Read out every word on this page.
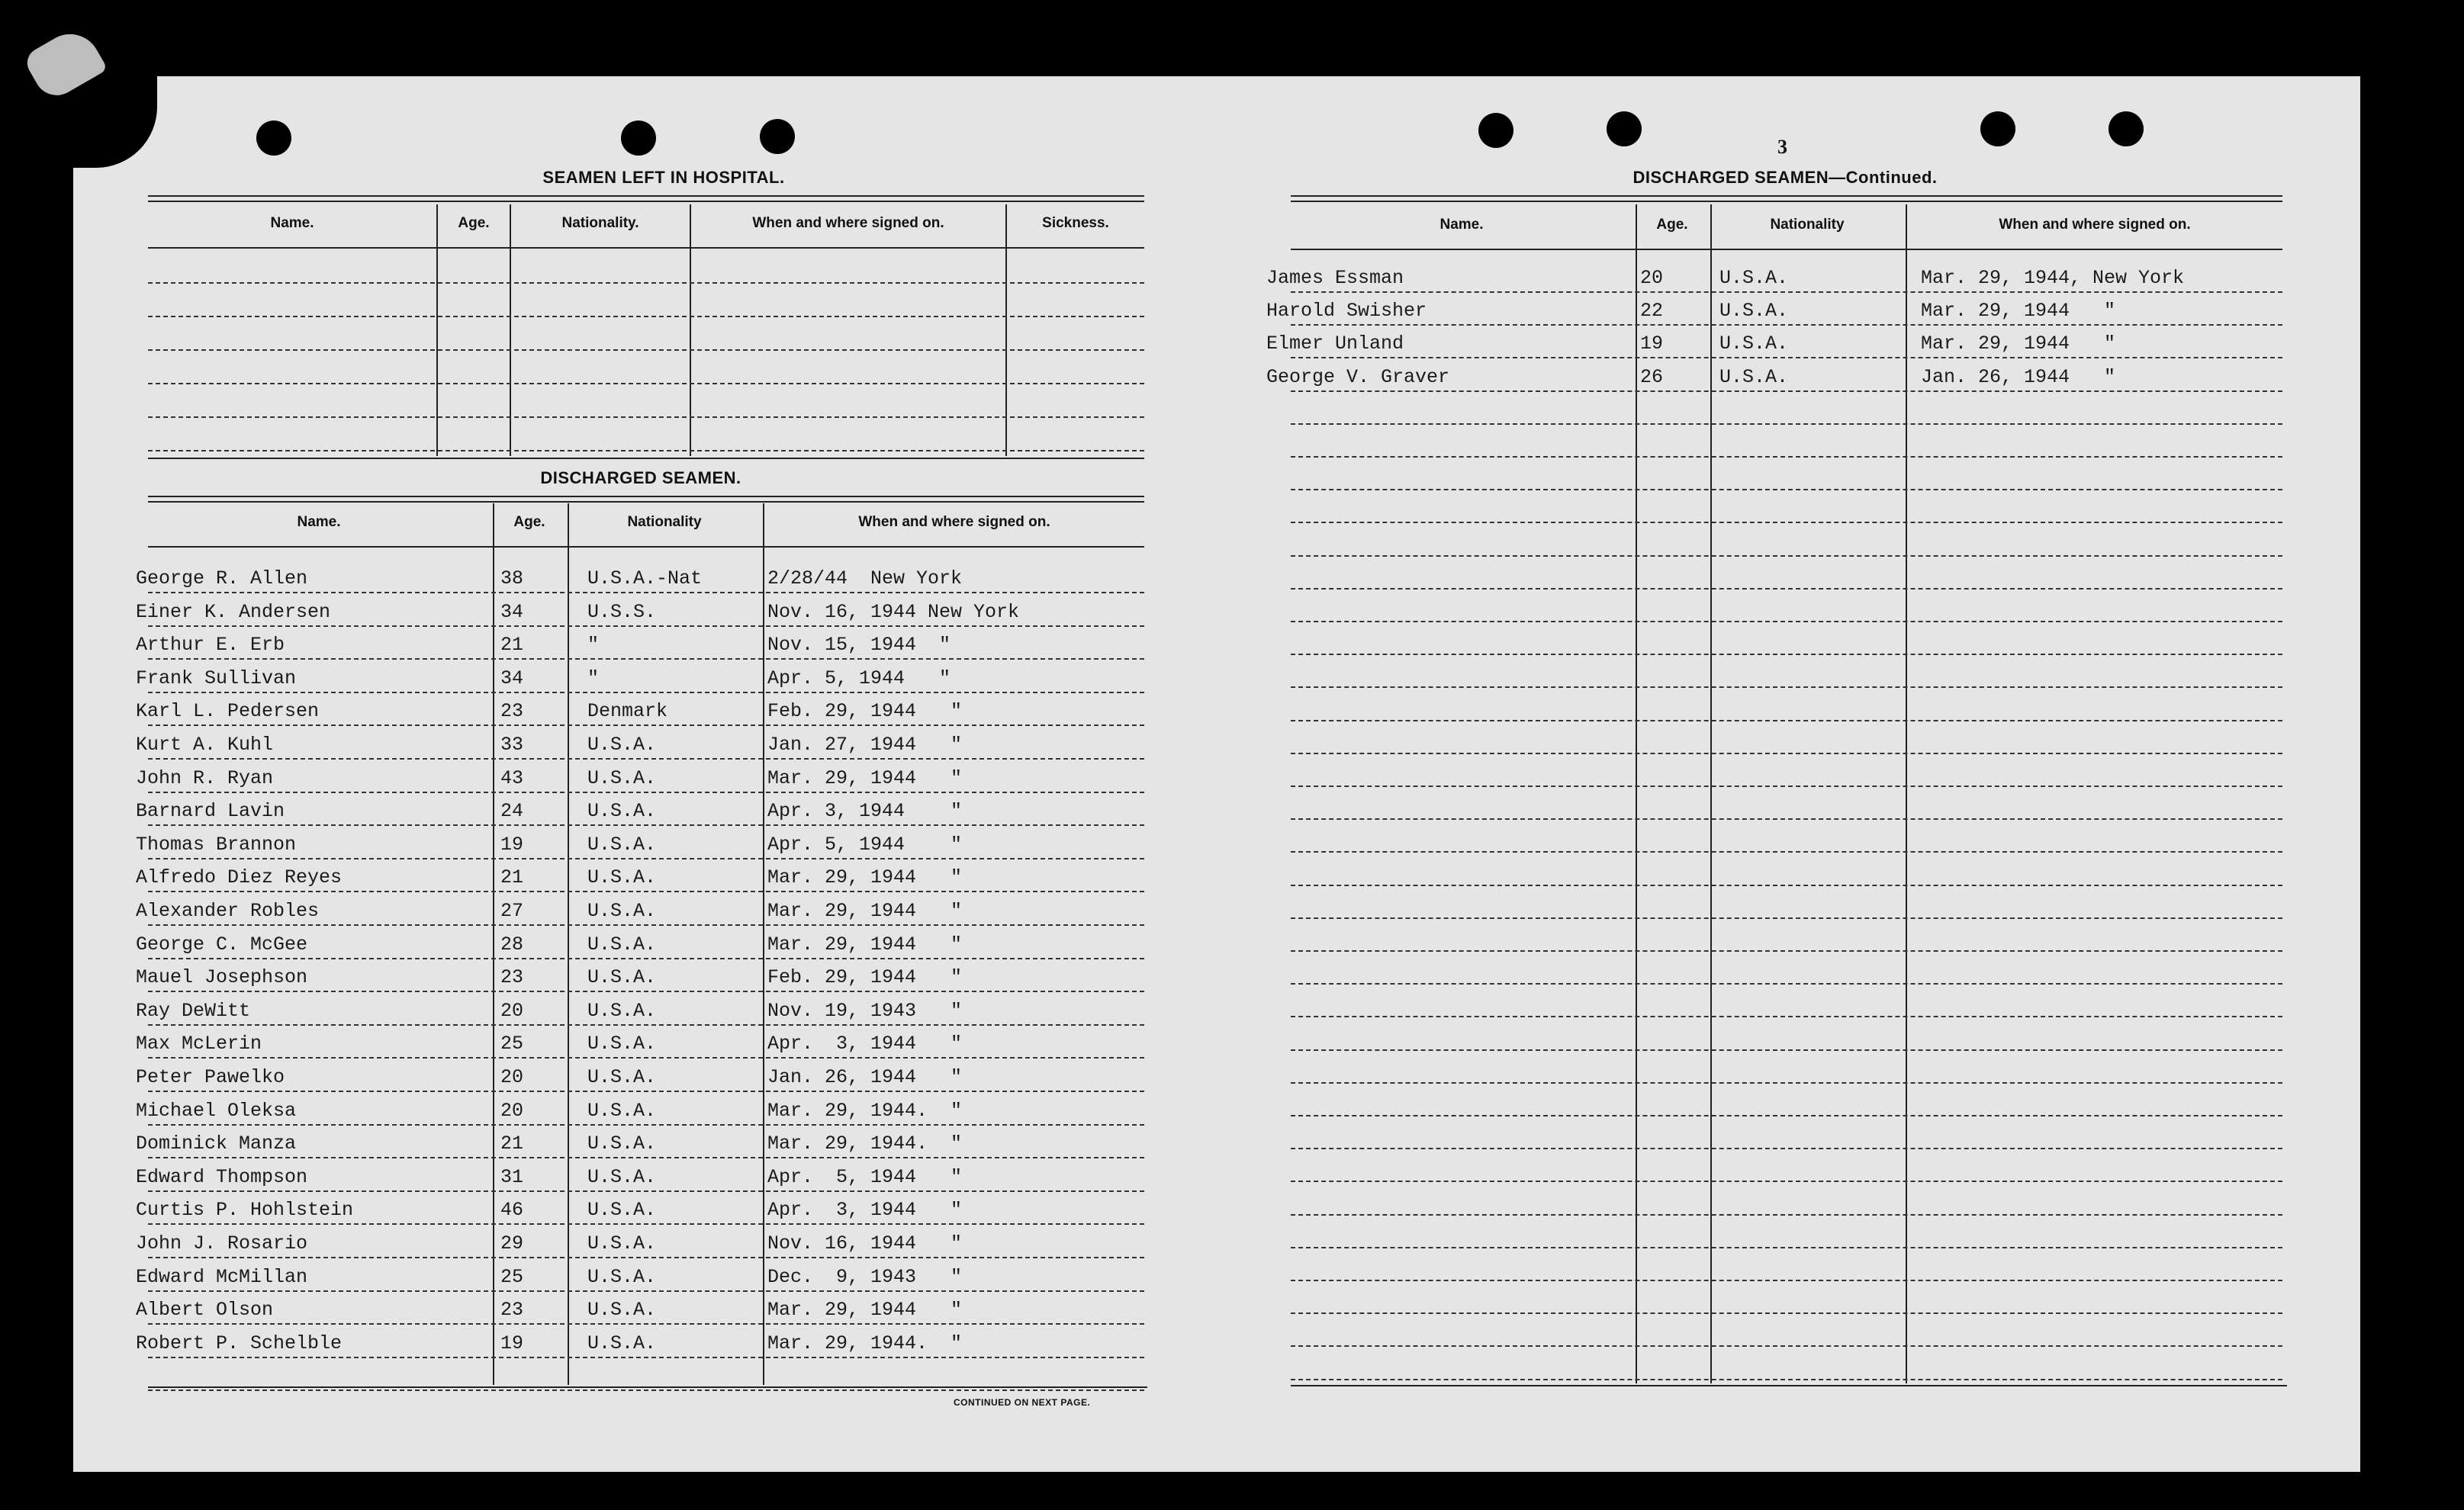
3
SEAMEN LEFT IN HOSPITAL.
Name.	Age.	Nationality.	When and where signed on.	Sickness.
DISCHARGED SEAMEN.
Name.	Age.	Nationality	When and where signed on.
George R. Allen	38	U.S.A.-Nat	2/28/44  New York
Einer K. Andersen	34	U.S.S.	Nov. 16, 1944 New York
Arthur E. Erb	21	"	Nov. 15, 1944  "
Frank Sullivan	34	"	Apr. 5, 1944   "
Karl L. Pedersen	23	Denmark	Feb. 29, 1944   "
Kurt A. Kuhl	33	U.S.A.	Jan. 27, 1944   "
John R. Ryan	43	U.S.A.	Mar. 29, 1944   "
Barnard Lavin	24	U.S.A.	Apr. 3, 1944    "
Thomas Brannon	19	U.S.A.	Apr. 5, 1944    "
Alfredo Diez Reyes	21	U.S.A.	Mar. 29, 1944   "
Alexander Robles	27	U.S.A.	Mar. 29, 1944   "
George C. McGee	28	U.S.A.	Mar. 29, 1944   "
Mauel Josephson	23	U.S.A.	Feb. 29, 1944   "
Ray DeWitt	20	U.S.A.	Nov. 19, 1943   "
Max McLerin	25	U.S.A.	Apr.  3, 1944   "
Peter Pawelko	20	U.S.A.	Jan. 26, 1944   "
Michael Oleksa	20	U.S.A.	Mar. 29, 1944.  "
Dominick Manza	21	U.S.A.	Mar. 29, 1944.  "
Edward Thompson	31	U.S.A.	Apr.  5, 1944   "
Curtis P. Hohlstein	46	U.S.A.	Apr.  3, 1944   "
John J. Rosario	29	U.S.A.	Nov. 16, 1944   "
Edward McMillan	25	U.S.A.	Dec.  9, 1943   "
Albert Olson	23	U.S.A.	Mar. 29, 1944   "
Robert P. Schelble	19	U.S.A.	Mar. 29, 1944.  "
CONTINUED ON NEXT PAGE.
DISCHARGED SEAMEN—Continued.
Name.	Age.	Nationality	When and where signed on.
James Essman	20	U.S.A.	Mar. 29, 1944, New York
Harold Swisher	22	U.S.A.	Mar. 29, 1944   "
Elmer Unland	19	U.S.A.	Mar. 29, 1944   "
George V. Graver	26	U.S.A.	Jan. 26, 1944   "
